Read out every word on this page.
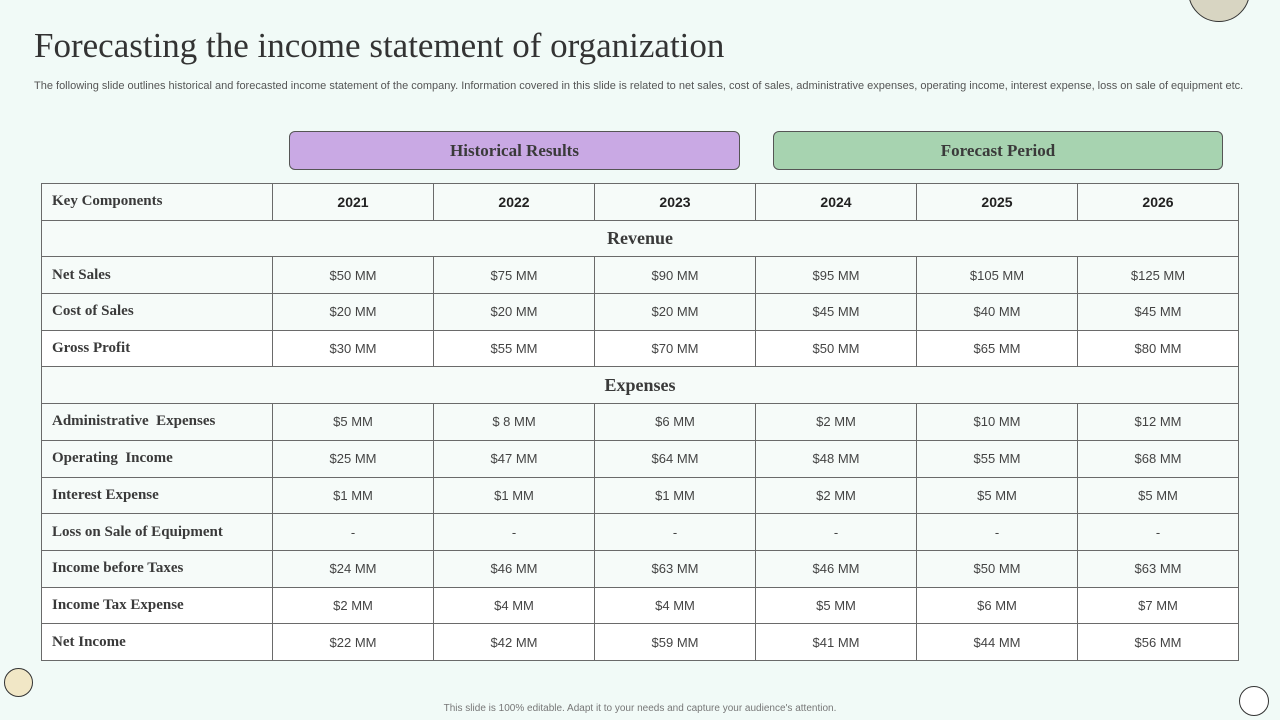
Forecasting the income statement of organization

The following slide outlines historical and forecasted income statement of the company. Information covered in this slide is related to net sales, cost of sales, administrative expenses, operating income, interest expense, loss on sale of equipment etc.

Historical Results	Forecast Period
Key Components	2021	2022	2023	2024	2025	2026
Revenue						
Net Sales	$50 MM	$75 MM	$90 MM	$95 MM	$105 MM	$125 MM
Cost of Sales	$20 MM	$20 MM	$20 MM	$45 MM	$40 MM	$45 MM
Gross Profit	$30 MM	$55 MM	$70 MM	$50 MM	$65 MM	$80 MM
Expenses						
Administrative  Expenses	$5 MM	$ 8 MM	$6 MM	$2 MM	$10 MM	$12 MM
Operating  Income	$25 MM	$47 MM	$64 MM	$48 MM	$55 MM	$68 MM
Interest Expense	$1 MM	$1 MM	$1 MM	$2 MM	$5 MM	$5 MM
Loss on Sale of Equipment	-	-	-	-	-	-
Income before Taxes	$24 MM	$46 MM	$63 MM	$46 MM	$50 MM	$63 MM
Income Tax Expense	$2 MM	$4 MM	$4 MM	$5 MM	$6 MM	$7 MM
Net Income	$22 MM	$42 MM	$59 MM	$41 MM	$44 MM	$56 MM
This slide is 100% editable. Adapt it to your needs and capture your audience's attention.
